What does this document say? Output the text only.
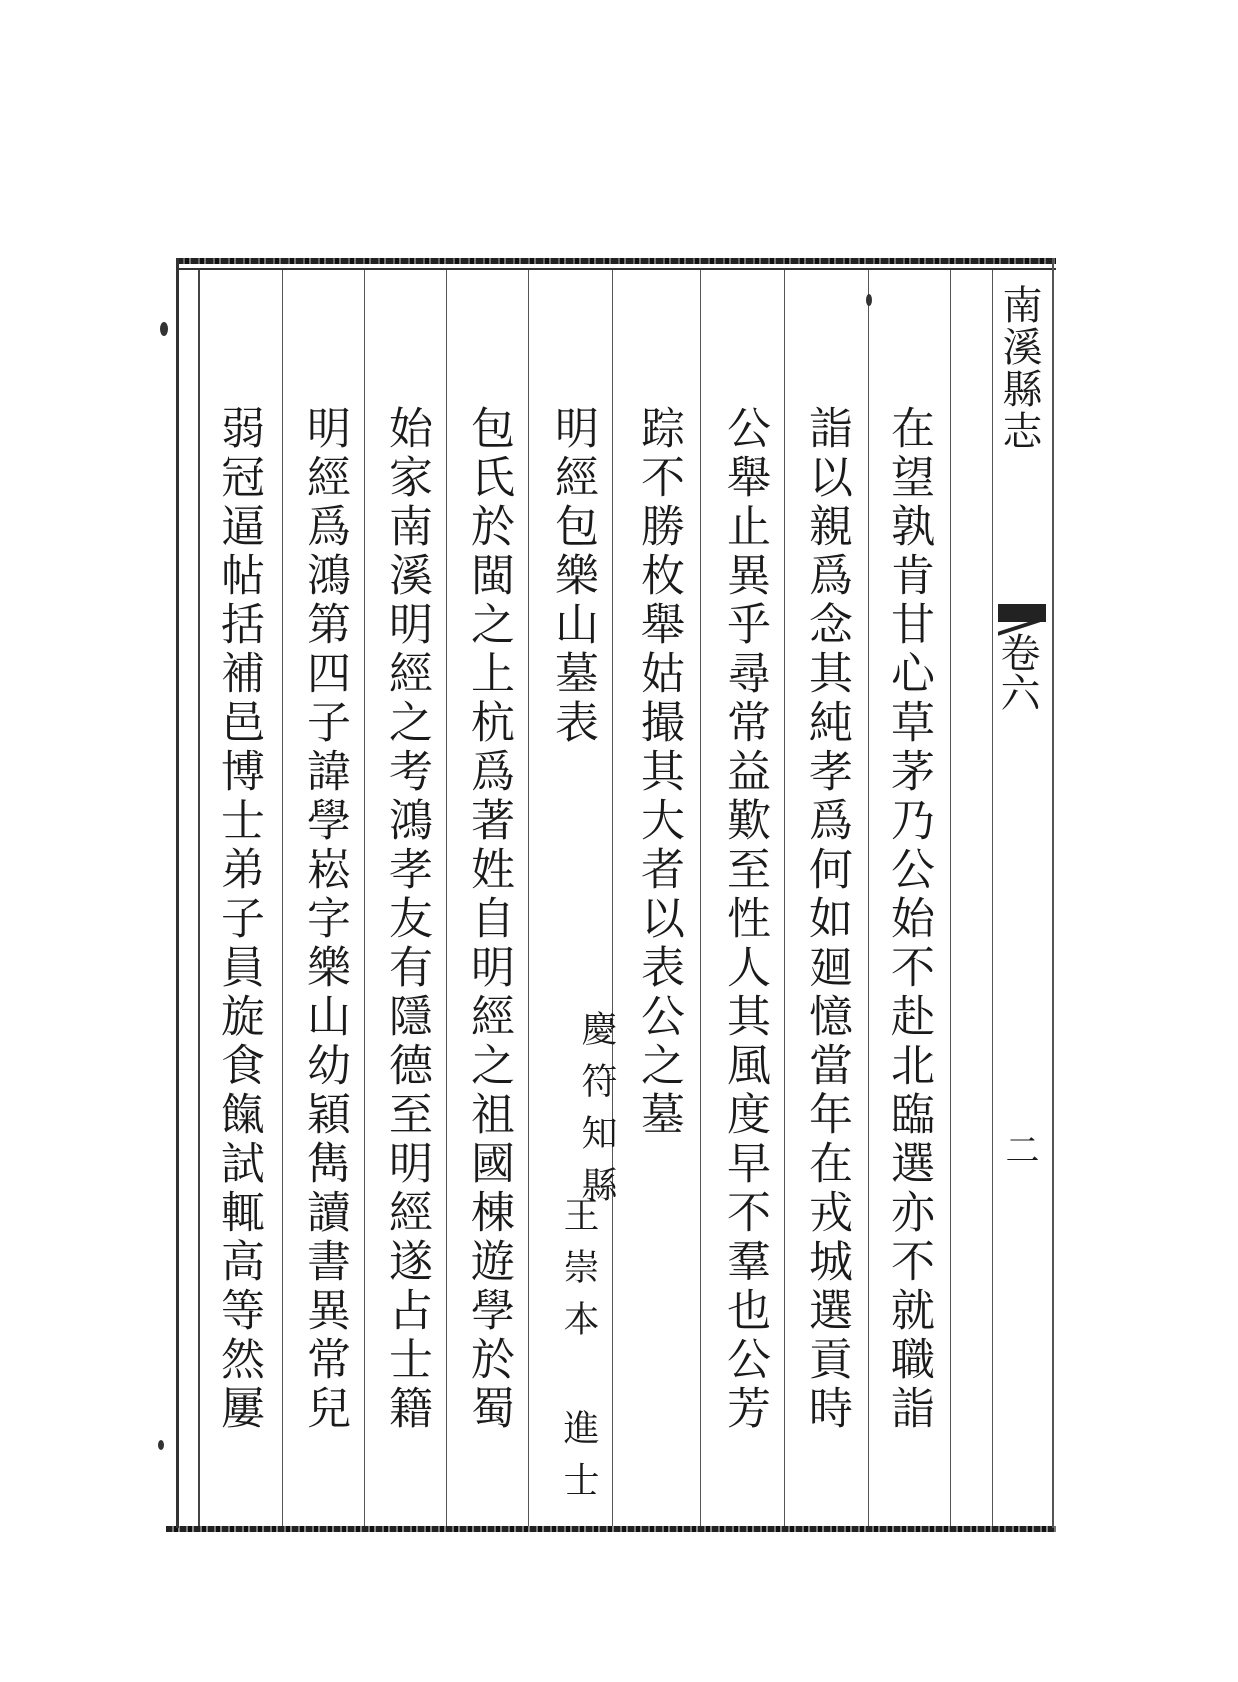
南溪縣志
卷六
二
在望孰肯甘心草茅乃公始不赴北臨選亦不就職詣
詣以親爲念其純孝爲何如廻憶當年在戎城選貢時
公舉止異乎尋常益歎至性人其風度早不羣也公芳
踪不勝枚舉姑撮其大者以表公之墓
明經包樂山墓表
包氏於閩之上杭爲著姓自明經之祖國棟遊學於蜀
始家南溪明經之考鴻孝友有隱德至明經遂占士籍
明經爲鴻第四子諱學崧字樂山幼穎雋讀書異常兒
弱冠逼帖括補邑博士弟子員旋食餼試輒高等然屢	慶符知縣
王崇本 進士
